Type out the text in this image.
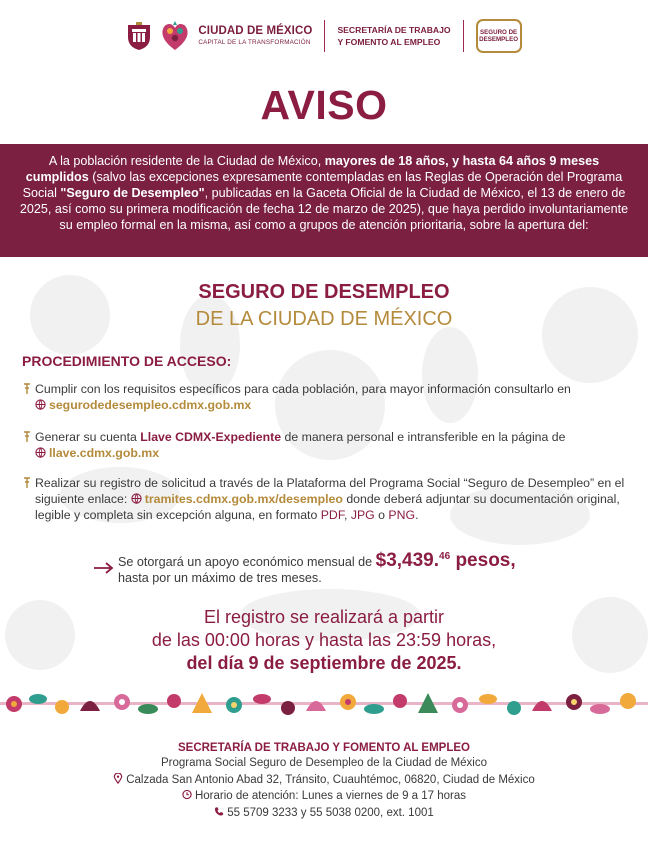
CIUDAD DE MÉXICO
CAPITAL DE LA TRANSFORMACIÓN
SECRETARÍA DE TRABAJO
Y FOMENTO AL EMPLEO
SEGURO DE
DESEMPLEO
AVISO

A la población residente de la Ciudad de México, mayores de 18 años, y hasta 64 años 9 meses cumplidos (salvo las excepciones expresamente contempladas en las Reglas de Operación del Programa Social "Seguro de Desempleo", publicadas en la Gaceta Oficial de la Ciudad de México, el 13 de enero de 2025, así como su primera modificación de fecha 12 de marzo de 2025), que haya perdido involuntariamente su empleo formal en la misma, así como a grupos de atención prioritaria, sobre la apertura del:

SEGURO DE DESEMPLEO
DE LA CIUDAD DE MÉXICO
PROCEDIMIENTO DE ACCESO:
Cumplir con los requisitos específicos para cada población, para mayor información consultarlo en
segurodedesempleo.cdmx.gob.mx
Generar su cuenta Llave CDMX-Expediente de manera personal e intransferible en la página de
llave.cdmx.gob.mx
Realizar su registro de solicitud a través de la Plataforma del Programa Social “Seguro de Desempleo” en el siguiente enlace: tramites.cdmx.gob.mx/desempleo donde deberá adjuntar su documentación original, legible y completa sin excepción alguna, en formato PDF, JPG o PNG.
Se otorgará un apoyo económico mensual de $3,439.46 pesos,
hasta por un máximo de tres meses.
El registro se realizará a partir
de las 00:00 horas y hasta las 23:59 horas,
del día 9 de septiembre de 2025.
SECRETARÍA DE TRABAJO Y FOMENTO AL EMPLEO
Programa Social Seguro de Desempleo de la Ciudad de México
Calzada San Antonio Abad 32, Tránsito, Cuauhtémoc, 06820, Ciudad de México
Horario de atención: Lunes a viernes de 9 a 17 horas
55 5709 3233 y 55 5038 0200, ext. 1001
